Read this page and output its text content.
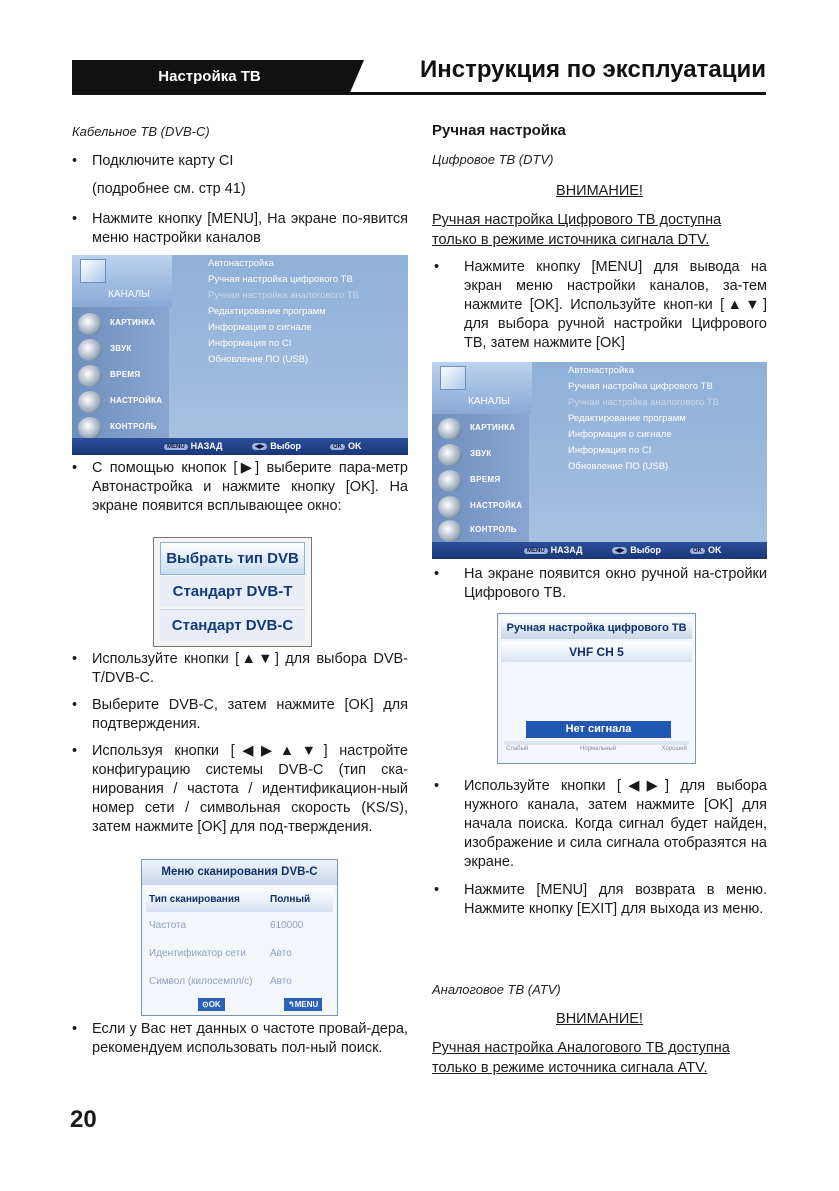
Настройка ТВ	Инструкция по эксплуатации
Кабельное ТВ (DVB-C)
• Подключите карту CI
(подробнее см. стр 41)
• Нажмите кнопку [MENU], На экране по-явится меню настройки каналов
КАНАЛЫ
КАРТИНКА
ЗВУК
ВРЕМЯ
НАСТРОЙКА
КОНТРОЛЬ
Автонастройка
Ручная настройка цифрового ТВ
Ручная настройка аналогового ТВ
Редактирование программ
Информация о сигнале
Информация по CI
Обновление ПО (USB)
MENU НАЗАД	◀▶ Выбор	OK OK
• С помощью кнопок [▶] выберите пара-метр Автонастройка и нажмите кнопку [OK]. На экране появится всплывающее окно:
Выбрать тип DVB
Стандарт DVB-T
Стандарт DVB-C
• Используйте кнопки [▲▼] для выбора DVB- T/DVB-C.
• Выберите DVB-C, затем нажмите [OK] для подтверждения.
• Используя кнопки [◀▶▲▼] настройте конфигурацию системы DVB-C (тип ска-нирования / частота / идентификацион-ный номер сети / символьная скорость (KS/S), затем нажмите [OK] для под-тверждения.
Меню сканирования DVB-C
Тип сканирования	Полный
Частота	610000
Идентификатор сети Авто
Символ (килосемпл/с) Авто
⊙OK	↰MENU
• Если у Вас нет данных о частоте провай-дера, рекомендуем использовать пол-ный поиск.
20
Ручная настройка
Цифровое ТВ (DTV)
ВНИМАНИЕ!
Ручная настройка Цифрового ТВ доступна только в режиме источника сигнала DTV.
• Нажмите кнопку [MENU] для вывода на экран меню настройки каналов, за-тем нажмите [OK]. Используйте кноп-ки [▲▼] для выбора ручной настройки Цифрового ТВ, затем нажмите [OK]
КАНАЛЫ
КАРТИНКА
ЗВУК
ВРЕМЯ
НАСТРОЙКА
КОНТРОЛЬ
Автонастройка
Ручная настройка цифрового ТВ
Ручная настройка аналогового ТВ
Редактирование программ
Информация о сигнале
Информация по CI
Обновление ПО (USB)
MENU НАЗАД	◀▶ Выбор	OK OK
• На экране появится окно ручной на-стройки Цифрового ТВ.
Ручная настройка цифрового ТВ
VHF CH 5
Нет сигнала
Слабый	Нормальный	Хороший
• Используйте кнопки [◀▶] для выбора нужного канала, затем нажмите [OK] для начала поиска. Когда сигнал будет найден, изображение и сила сигнала отобразятся на экране.
• Нажмите [MENU] для возврата в меню. Нажмите кнопку [EXIT] для выхода из меню.
Аналоговое ТВ (ATV)
ВНИМАНИЕ!
Ручная настройка Аналогового ТВ доступна только в режиме источника сигнала ATV.
